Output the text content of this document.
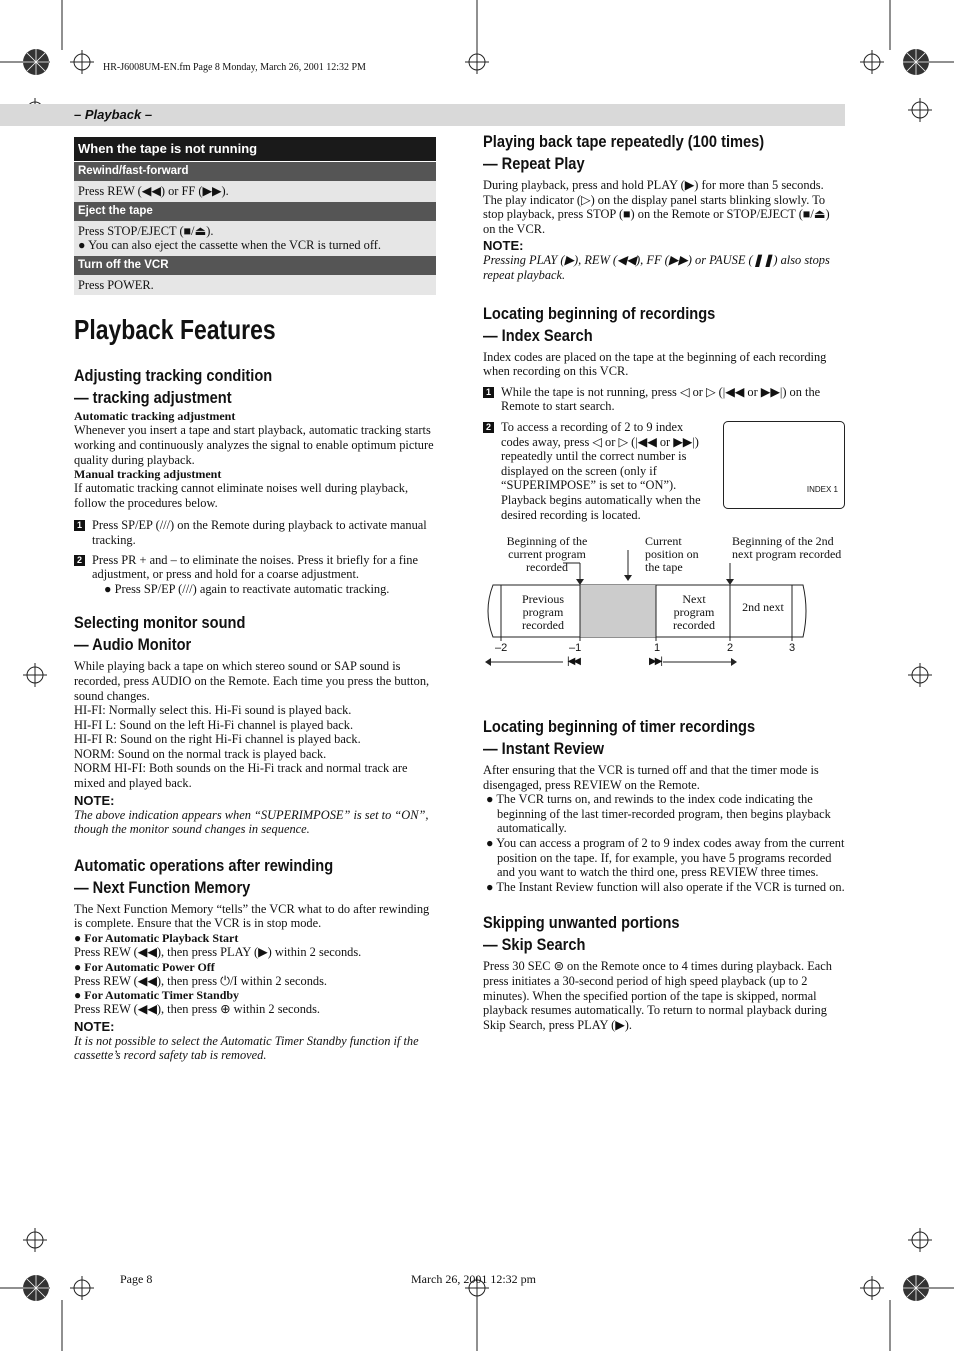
HR-J6008UM-EN.fm Page 8 Monday, March 26, 2001 12:32 PM
– Playback –
When the tape is not running
Rewind/fast-forward
Press REW (◀◀) or FF (▶▶).
Eject the tape
Press STOP/EJECT (■/⏏).
● You can also eject the cassette when the VCR is turned off.
Turn off the VCR
Press POWER.
Playback Features
Adjusting tracking condition
— tracking adjustment

Automatic tracking adjustment

Whenever you insert a tape and start playback, automatic tracking starts working and continuously analyzes the signal to enable optimum picture quality during playback.

Manual tracking adjustment

If automatic tracking cannot eliminate noises well during playback, follow the procedures below.

1 Press SP/EP (///) on the Remote during playback to activate manual tracking.

2 Press PR + and – to eliminate the noises. Press it briefly for a fine adjustment, or press and hold for a coarse adjustment.

● Press SP/EP (///) again to reactivate automatic tracking.

Selecting monitor sound
— Audio Monitor

While playing back a tape on which stereo sound or SAP sound is recorded, press AUDIO on the Remote. Each time you press the button, sound changes.

HI-FI: Normally select this. Hi-Fi sound is played back.

HI-FI L: Sound on the left Hi-Fi channel is played back.

HI-FI R: Sound on the right Hi-Fi channel is played back.

NORM: Sound on the normal track is played back.

NORM HI-FI: Both sounds on the Hi-Fi track and normal track are mixed and played back.

NOTE:

The above indication appears when “SUPERIMPOSE” is set to “ON”, though the monitor sound changes in sequence.

Automatic operations after rewinding
— Next Function Memory

The Next Function Memory “tells” the VCR what to do after rewinding is complete. Ensure that the VCR is in stop mode.

● For Automatic Playback Start

Press REW (◀◀), then press PLAY (▶) within 2 seconds.

● For Automatic Power Off

Press REW (◀◀), then press ⏻/I within 2 seconds.

● For Automatic Timer Standby

Press REW (◀◀), then press ⊕ within 2 seconds.

NOTE:

It is not possible to select the Automatic Timer Standby function if the cassette’s record safety tab is removed.

Playing back tape repeatedly (100 times)
— Repeat Play

During playback, press and hold PLAY (▶) for more than 5 seconds. The play indicator (▷) on the display panel starts blinking slowly. To stop playback, press STOP (■) on the Remote or STOP/EJECT (■/⏏) on the VCR.

NOTE:

Pressing PLAY (▶), REW (◀◀), FF (▶▶) or PAUSE (❚❚) also stops repeat playback.

Locating beginning of recordings
— Index Search

Index codes are placed on the tape at the beginning of each recording when recording on this VCR.

1 While the tape is not running, press ◁ or ▷ (|◀◀ or ▶▶|) on the Remote to start search.

2 To access a recording of 2 to 9 index codes away, press ◁ or ▷ (|◀◀ or ▶▶|) repeatedly until the correct number is displayed on the screen (only if “SUPERIMPOSE” is set to “ON”). Playback begins automatically when the desired recording is located.

INDEX 1
Beginning of the current program recorded
Current position on the tape
Beginning of the 2nd next program recorded
Previous program recorded
Next program recorded
2nd next
–2	–1	1	2	3
|◀◀	▶▶|
Locating beginning of timer recordings
— Instant Review

After ensuring that the VCR is turned off and that the timer mode is disengaged, press REVIEW on the Remote.

● The VCR turns on, and rewinds to the index code indicating the beginning of the last timer-recorded program, then begins playback automatically.

● You can access a program of 2 to 9 index codes away from the current position on the tape. If, for example, you have 5 programs recorded and you want to watch the third one, press REVIEW three times.

● The Instant Review function will also operate if the VCR is turned on.

Skipping unwanted portions
— Skip Search

Press 30 SEC ⊜ on the Remote once to 4 times during playback. Each press initiates a 30-second period of high speed playback (up to 2 minutes). When the specified portion of the tape is skipped, normal playback resumes automatically. To return to normal playback during Skip Search, press PLAY (▶).

Page 8	March 26, 2001 12:32 pm
